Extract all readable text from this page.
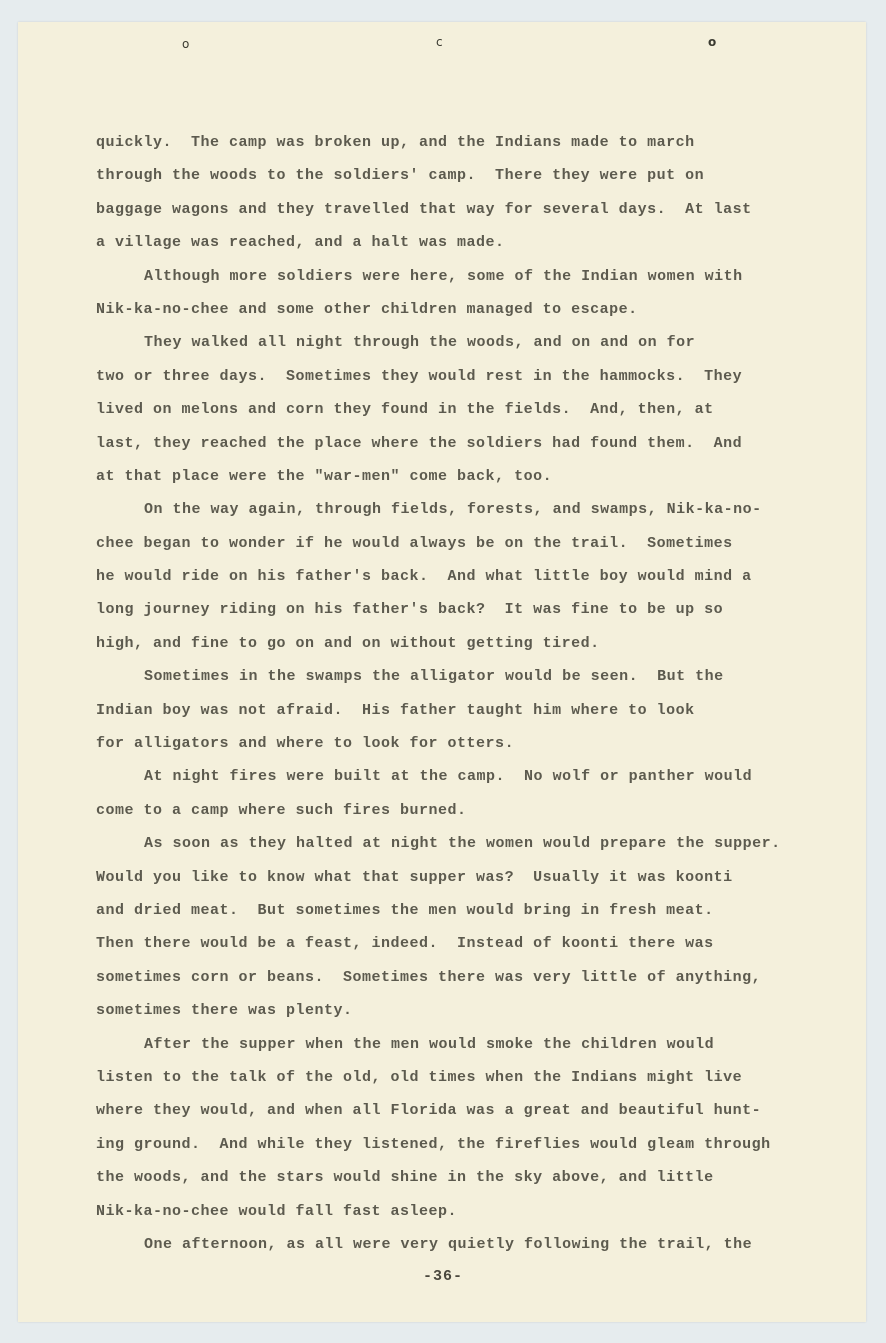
o	c	o
quickly.  The camp was broken up, and the Indians made to march
through the woods to the soldiers' camp.  There they were put on
baggage wagons and they travelled that way for several days.  At last
a village was reached, and a halt was made.
Although more soldiers were here, some of the Indian women with
Nik-ka-no-chee and some other children managed to escape.
They walked all night through the woods, and on and on for
two or three days.  Sometimes they would rest in the hammocks.  They
lived on melons and corn they found in the fields.  And, then, at
last, they reached the place where the soldiers had found them.  And
at that place were the "war-men" come back, too.
On the way again, through fields, forests, and swamps, Nik-ka-no-
chee began to wonder if he would always be on the trail.  Sometimes
he would ride on his father's back.  And what little boy would mind a
long journey riding on his father's back?  It was fine to be up so
high, and fine to go on and on without getting tired.
Sometimes in the swamps the alligator would be seen.  But the
Indian boy was not afraid.  His father taught him where to look
for alligators and where to look for otters.
At night fires were built at the camp.  No wolf or panther would
come to a camp where such fires burned.
As soon as they halted at night the women would prepare the supper.
Would you like to know what that supper was?  Usually it was koonti
and dried meat.  But sometimes the men would bring in fresh meat.
Then there would be a feast, indeed.  Instead of koonti there was
sometimes corn or beans.  Sometimes there was very little of anything,
sometimes there was plenty.
After the supper when the men would smoke the children would
listen to the talk of the old, old times when the Indians might live
where they would, and when all Florida was a great and beautiful hunt-
ing ground.  And while they listened, the fireflies would gleam through
the woods, and the stars would shine in the sky above, and little
Nik-ka-no-chee would fall fast asleep.
One afternoon, as all were very quietly following the trail, the
-36-
